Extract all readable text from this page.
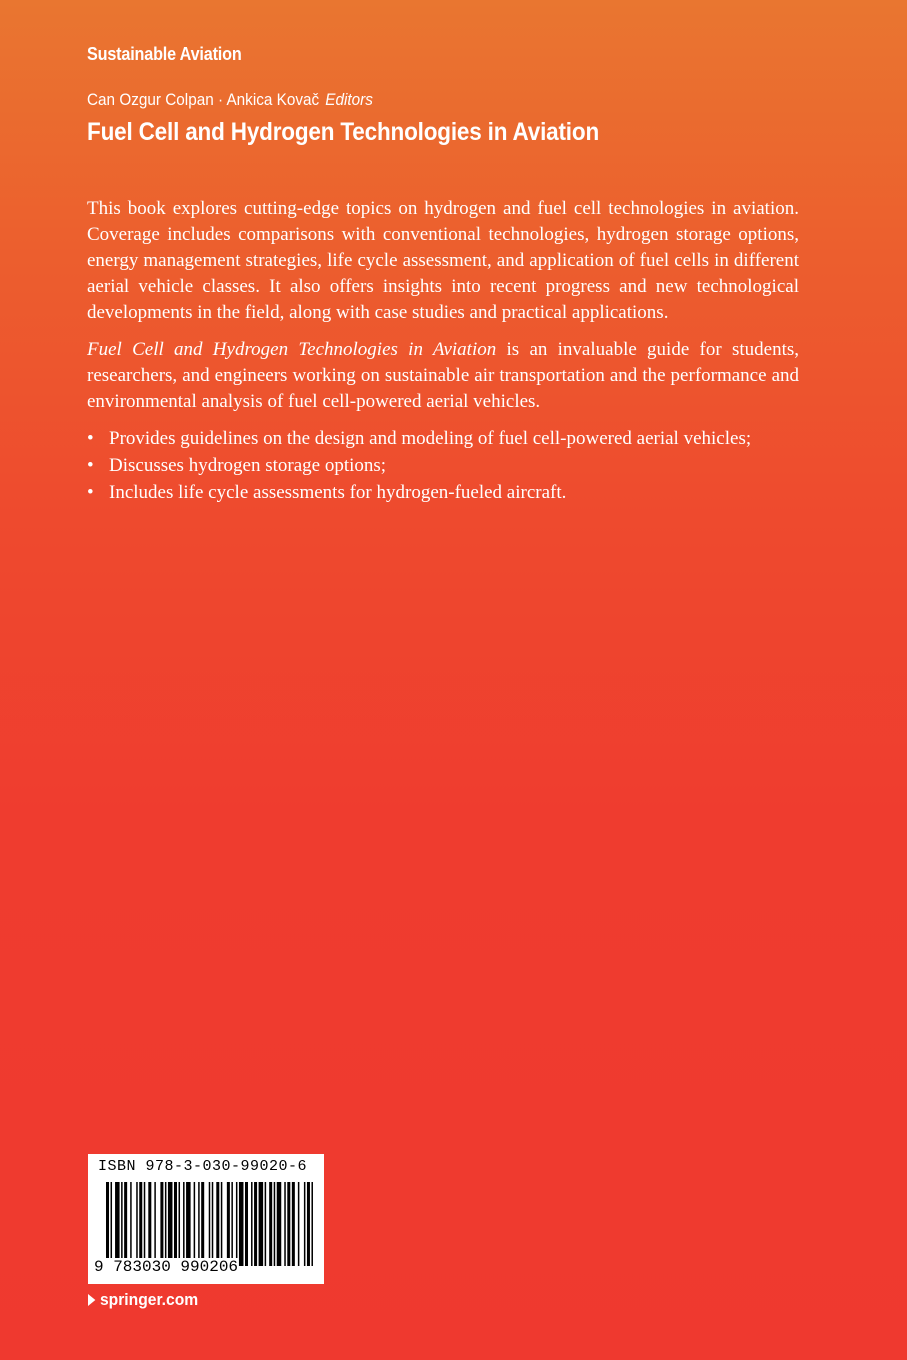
Sustainable Aviation
Can Ozgur Colpan · Ankica Kovač Editors
Fuel Cell and Hydrogen Technologies in Aviation

This book explores cutting-edge topics on hydrogen and fuel cell technologies in aviation. Coverage includes comparisons with conventional technologies, hydrogen storage options, energy management strategies, life cycle assessment, and application of fuel cells in different aerial vehicle classes. It also offers insights into recent progress and new technological developments in the field, along with case studies and practical applications.

Fuel Cell and Hydrogen Technologies in Aviation is an invaluable guide for students, researchers, and engineers working on sustainable air transportation and the performance and environmental analysis of fuel cell-powered aerial vehicles.

• Provides guidelines on the design and modeling of fuel cell-powered aerial vehicles;
• Discusses hydrogen storage options;
• Includes life cycle assessments for hydrogen-fueled aircraft.
ISBN 978-3-030-99020-6
9 783030 990206
springer.com
